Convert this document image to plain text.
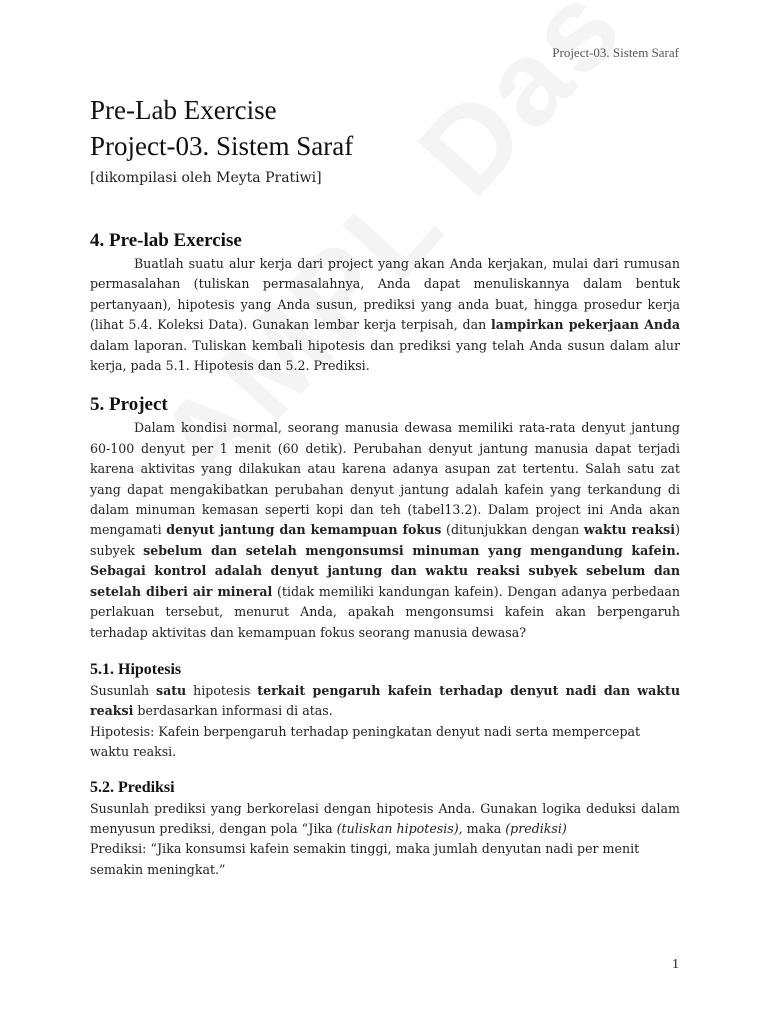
Project-03. Sistem Saraf
Pre-Lab Exercise
Project-03. Sistem Saraf
[dikompilasi oleh Meyta Pratiwi]
4. Pre-lab Exercise

Buatlah suatu alur kerja dari project yang akan Anda kerjakan, mulai dari rumusan permasalahan (tuliskan permasalahnya, Anda dapat menuliskannya dalam bentuk pertanyaan), hipotesis yang Anda susun, prediksi yang anda buat, hingga prosedur kerja (lihat 5.4. Koleksi Data). Gunakan lembar kerja terpisah, dan lampirkan pekerjaan Anda dalam laporan. Tuliskan kembali hipotesis dan prediksi yang telah Anda susun dalam alur kerja, pada 5.1. Hipotesis dan 5.2. Prediksi.

5. Project

Dalam kondisi normal, seorang manusia dewasa memiliki rata-rata denyut jantung 60-100 denyut per 1 menit (60 detik). Perubahan denyut jantung manusia dapat terjadi karena aktivitas yang dilakukan atau karena adanya asupan zat tertentu. Salah satu zat yang dapat mengakibatkan perubahan denyut jantung adalah kafein yang terkandung di dalam minuman kemasan seperti kopi dan teh (tabel13.2). Dalam project ini Anda akan mengamati denyut jantung dan kemampuan fokus (ditunjukkan dengan waktu reaksi) subyek sebelum dan setelah mengonsumsi minuman yang mengandung kafein. Sebagai kontrol adalah denyut jantung dan waktu reaksi subyek sebelum dan setelah diberi air mineral (tidak memiliki kandungan kafein). Dengan adanya perbedaan perlakuan tersebut, menurut Anda, apakah mengonsumsi kafein akan berpengaruh terhadap aktivitas dan kemampuan fokus seorang manusia dewasa?

5.1. Hipotesis

Susunlah satu hipotesis terkait pengaruh kafein terhadap denyut nadi dan waktu reaksi berdasarkan informasi di atas.

Hipotesis: Kafein berpengaruh terhadap peningkatan denyut nadi serta mempercepat waktu reaksi.

5.2. Prediksi

Susunlah prediksi yang berkorelasi dengan hipotesis Anda. Gunakan logika deduksi dalam menyusun prediksi, dengan pola “Jika (tuliskan hipotesis), maka (prediksi)

Prediksi: “Jika konsumsi kafein semakin tinggi, maka jumlah denyutan nadi per menit semakin meningkat.”

1
